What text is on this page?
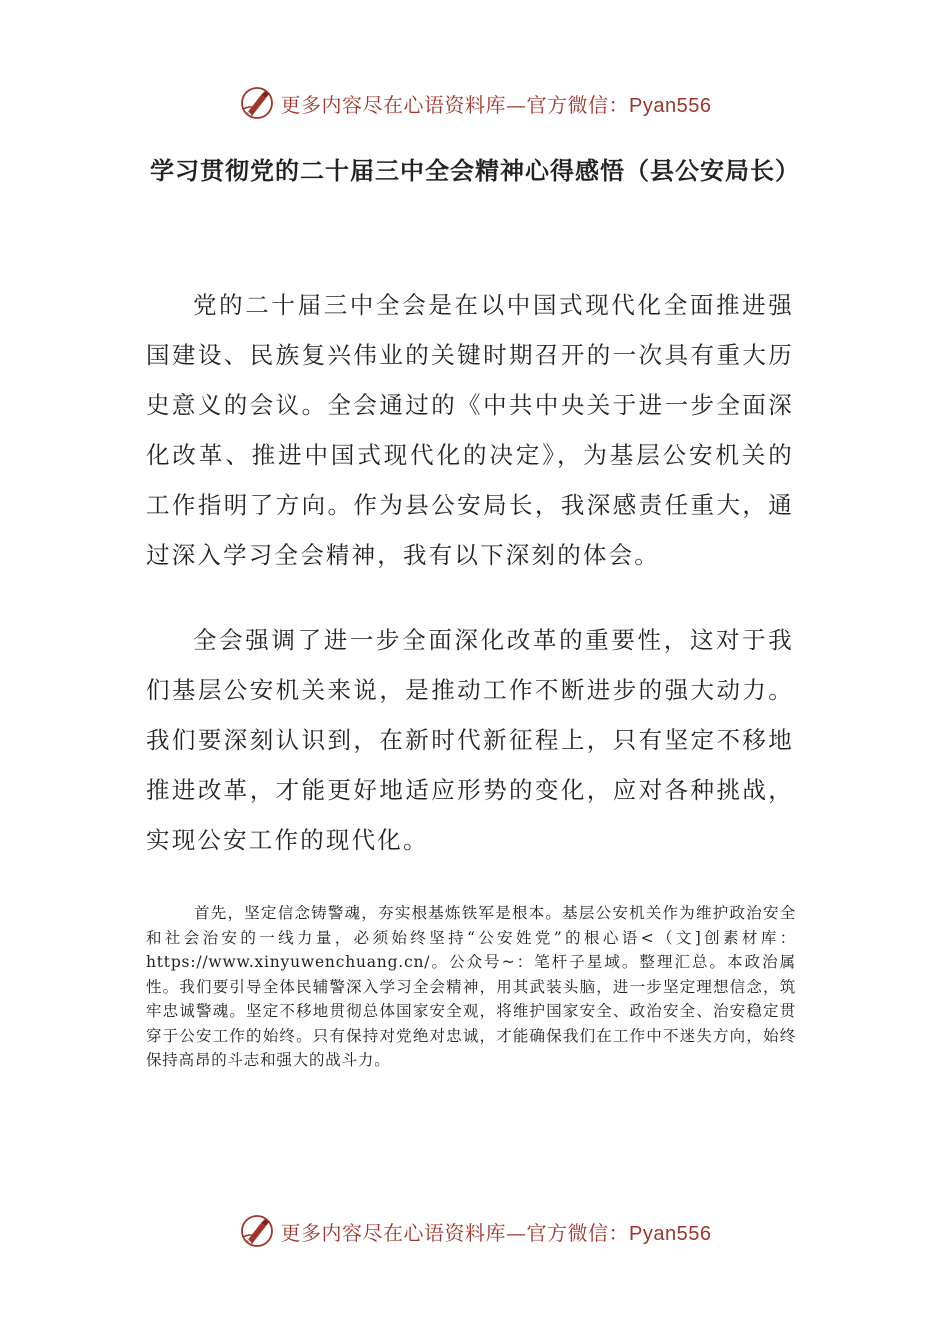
更多内容尽在心语资料库—官方微信：Pyan556
学习贯彻党的二十届三中全会精神心得感悟（县公安局长）

党的二十届三中全会是在以中国式现代化全面推进强国建设、民族复兴伟业的关键时期召开的一次具有重大历史意义的会议。全会通过的《中共中央关于进一步全面深化改革、推进中国式现代化的决定》，为基层公安机关的工作指明了方向。作为县公安局长，我深感责任重大，通过深入学习全会精神，我有以下深刻的体会。

全会强调了进一步全面深化改革的重要性，这对于我们基层公安机关来说，是推动工作不断进步的强大动力。我们要深刻认识到，在新时代新征程上，只有坚定不移地推进改革，才能更好地适应形势的变化，应对各种挑战，实现公安工作的现代化。

首先，坚定信念铸警魂，夯实根基炼铁军是根本。基层公安机关作为维护政治安全和社会治安的一线力量，必须始终坚持“公安姓党”的根心语<（文]创素材库：https://www.xinyuwenchuang.cn/。公众号~：笔杆子星域。整理汇总。本政治属性。我们要引导全体民辅警深入学习全会精神，用其武装头脑，进一步坚定理想信念，筑牢忠诚警魂。坚定不移地贯彻总体国家安全观，将维护国家安全、政治安全、治安稳定贯穿于公安工作的始终。只有保持对党绝对忠诚，才能确保我们在工作中不迷失方向，始终保持高昂的斗志和强大的战斗力。

更多内容尽在心语资料库—官方微信：Pyan556
